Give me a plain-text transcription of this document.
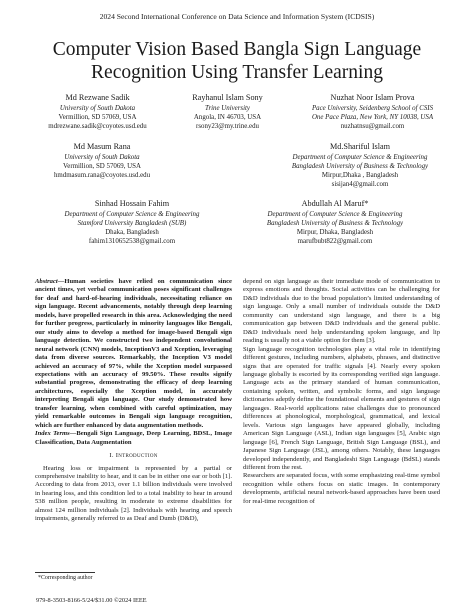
2024 Second International Conference on Data Science and Information System (ICDSIS)
Computer Vision Based Bangla Sign Language
Recognition Using Transfer Learning
Md Rezwane Sadik
University of South Dakota
Vermillion, SD 57069, USA
mdrezwane.sadik@coyotes.usd.edu
Rayhanul Islam Sony
Trine University
Angola, IN 46703, USA
rsony23@my.trine.edu
Nuzhat Noor Islam Prova
Pace University, Seidenberg School of CSIS
One Pace Plaza, New York, NY 10038, USA
nuzhatnsu@gmail.com
Md Masum Rana
University of South Dakota
Vermillion, SD 57069, USA
hmdmasum.rana@coyotes.usd.edu
Md.Shariful Islam
Department of Computer Science & Engineering
Bangladesh University of Business & Technology
Mirpur,Dhaka , Bangladesh
sisijan4@gmail.com
Sinhad Hossain Fahim
Department of Computer Science & Engineering
Stamford University Bangladesh (SUB)
Dhaka, Bangladesh
fahim1310652538@gmail.com
Abdullah Al Maruf*
Department of Computer Science & Engineering
Bangladesh University of Business & Technology
Mirpur, Dhaka, Bangladesh
marufbubt822@gmail.com

Abstract—Human societies have relied on communication since ancient times, yet verbal communication poses significant challenges for deaf and hard-of-hearing individuals, necessitating reliance on sign language. Recent advancements, notably through deep learning models, have propelled research in this area. Acknowledging the need for further progress, particularly in minority languages like Bengali, our study aims to develop a method for image-based Bengali sign language detection. We constructed two independent convolutional neural network (CNN) models, InceptionV3 and Xception, leveraging data from diverse sources. Remarkably, the Inception V3 model achieved an accuracy of 97%, while the Xception model surpassed expectations with an accuracy of 99.50%. These results signify substantial progress, demonstrating the efficacy of deep learning architectures, especially the Xception model, in accurately interpreting Bengali sign language. Our study demonstrated how transfer learning, when combined with careful optimization, may yield remarkable outcomes in Bengali sign language recognition, which are further enhanced by data augmentation methods.

Index Terms—Bengali Sign Language, Deep Learning, BDSL, Image Classification, Data Augmentation

I. Introduction

Hearing loss or impairment is represented by a partial or comprehensive inability to hear, and it can be in either one ear or both [1]. According to data from 2013, over 1.1 billion individuals were involved in hearing loss, and this condition led to a total inability to hear in around 538 million people, resulting in moderate to extreme disabilities for almost 124 million individuals [2]. Individuals with hearing and speech impairments, generally referred to as Deaf and Dumb (D&D),

*Corresponding author
979-8-3503-8166-5/24/$31.00 ©2024 IEEE

depend on sign language as their immediate mode of communication to express emotions and thoughts. Social activities can be challenging for D&D individuals due to the broad population’s limited understanding of sign language. Only a small number of individuals outside the D&D community can understand sign language, and there is a big communication gap between D&D individuals and the general public. D&D individuals need help understanding spoken language, and lip reading is usually not a viable option for them [3].

Sign language recognition technologies play a vital role in identifying different gestures, including numbers, alphabets, phrases, and distinctive signs that are operated for traffic signals [4]. Nearly every spoken language globally is escorted by its corresponding verified sign language. Language acts as the primary standard of human communication, containing spoken, written, and symbolic forms, and sign language dictionaries adeptly define the foundational elements and gestures of sign languages. Real-world applications raise challenges due to pronounced differences at phonological, morphological, grammatical, and lexical levels. Various sign languages have appeared globally, including American Sign Language (ASL), Indian sign languages [5], Arabic sign language [6], French Sign Language, British Sign Language (BSL), and Japanese Sign Language (JSL), among others. Notably, these languages developed independently, and Bangladeshi Sign Language (BdSL) stands different from the rest.

Researchers are separated focus, with some emphasizing real-time symbol recognition while others focus on static images. In contemporary developments, artificial neural network-based approaches have been used for real-time recognition of
